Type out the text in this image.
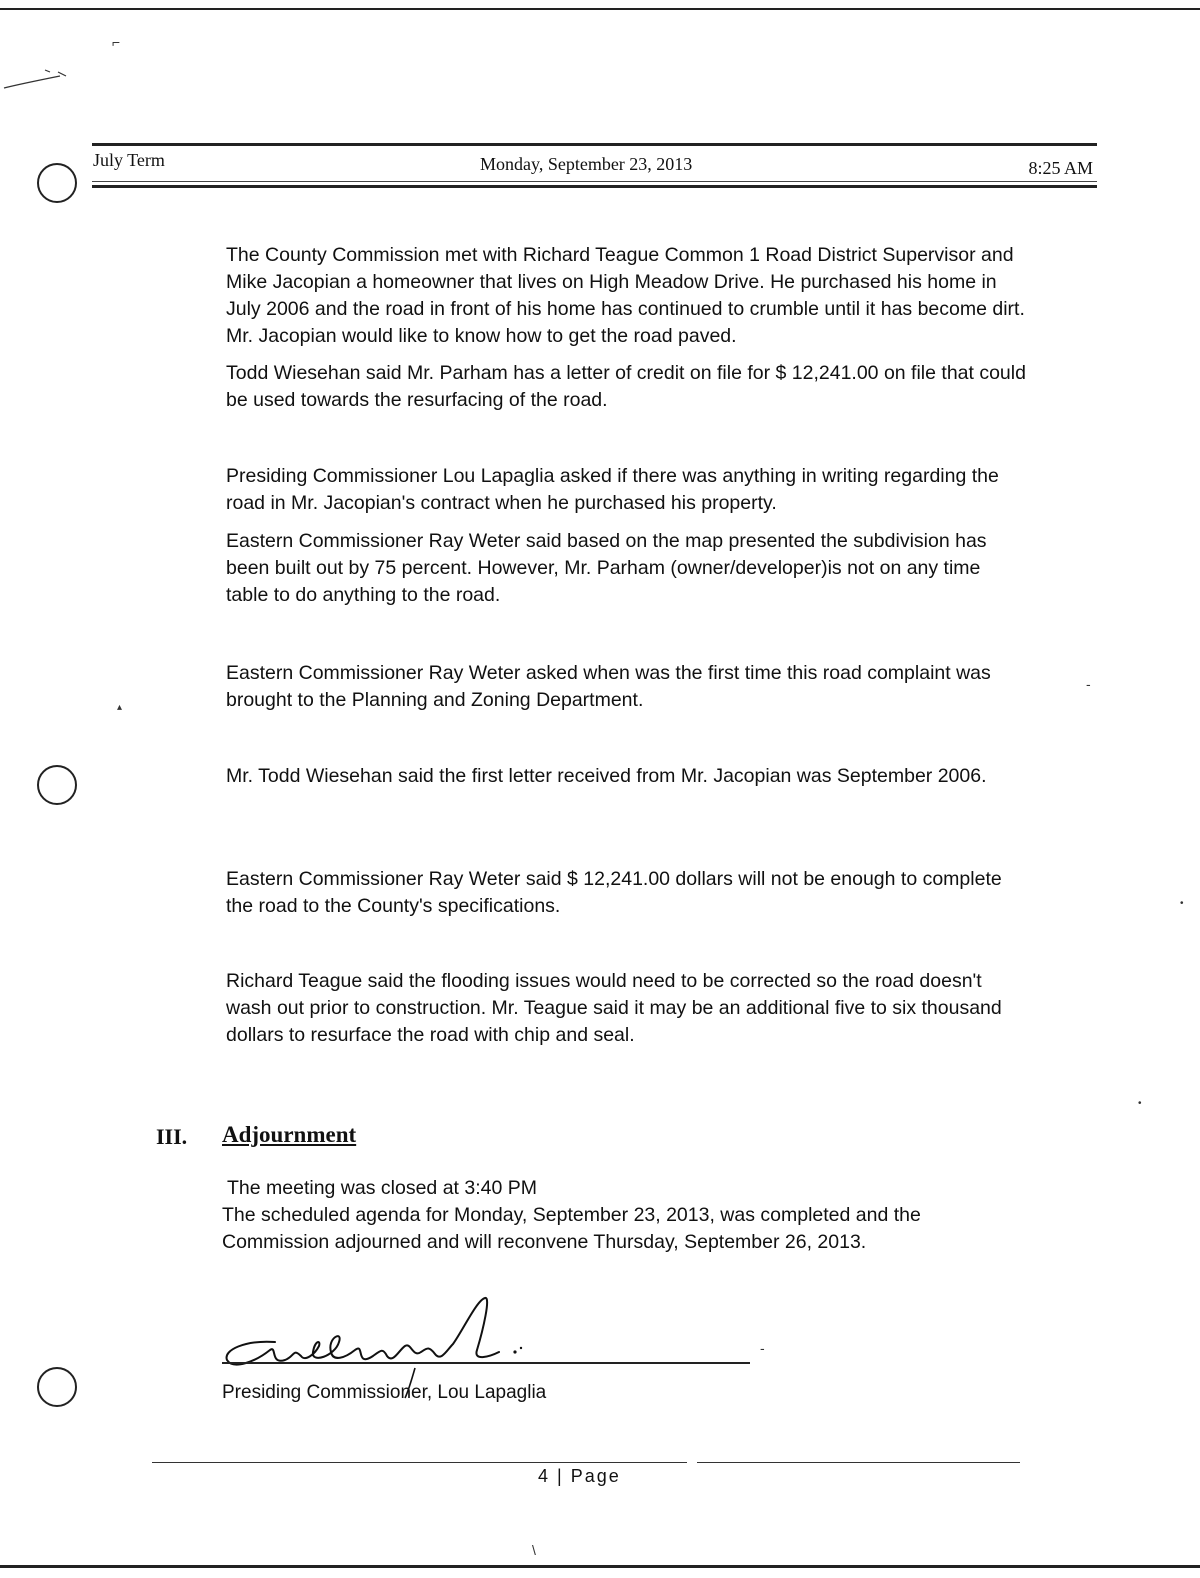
⌐
July Term	Monday, September 23, 2013	8:25 AM

The County Commission met with Richard Teague Common 1 Road District Supervisor and Mike Jacopian a homeowner that lives on High Meadow Drive. He purchased his home in July 2006 and the road in front of his home has continued to crumble until it has become dirt. Mr. Jacopian would like to know how to get the road paved.

Todd Wiesehan said Mr. Parham has a letter of credit on file for $ 12,241.00 on file that could be used towards the resurfacing of the road.

Presiding Commissioner Lou Lapaglia asked if there was anything in writing regarding the road in Mr. Jacopian's contract when he purchased his property.

Eastern Commissioner Ray Weter said based on the map presented the subdivision has been built out by 75 percent. However, Mr. Parham (owner/developer)is not on any time table to do anything to the road.

Eastern Commissioner Ray Weter asked when was the first time this road complaint was brought to the Planning and Zoning Department.

Mr. Todd Wiesehan said the first letter received from Mr. Jacopian was September 2006.

Eastern Commissioner Ray Weter said $ 12,241.00 dollars will not be enough to complete the road to the County's specifications.

Richard Teague said the flooding issues would need to be corrected so the road doesn't wash out prior to construction. Mr. Teague said it may be an additional five to six thousand dollars to resurface the road with chip and seal.

III. Adjournment
The meeting was closed at 3:40 PM
The scheduled agenda for Monday, September 23, 2013, was completed and the
Commission adjourned and will reconvene Thursday, September 26, 2013.
Presiding Commissioner, Lou Lapaglia
-
4 | Page
\
-
▴
•
•
